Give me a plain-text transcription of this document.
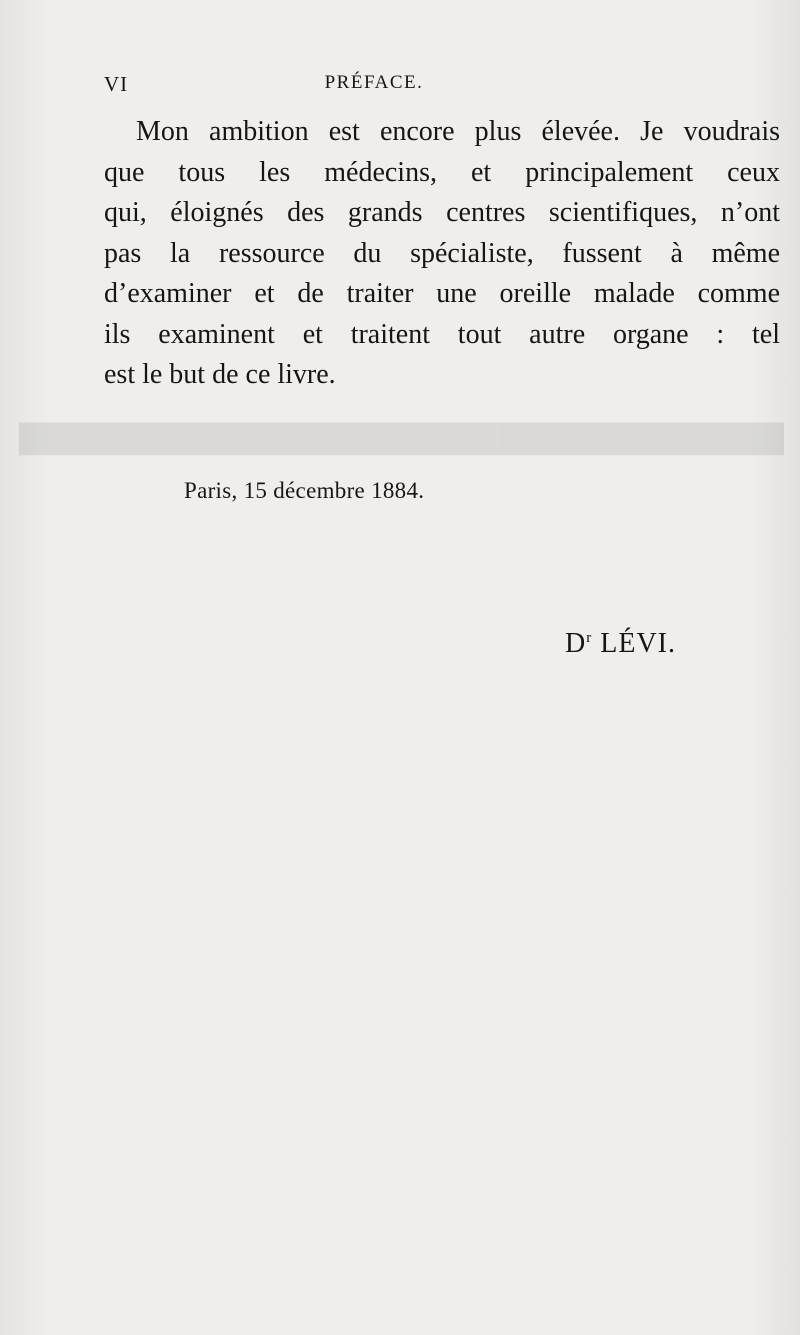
████████████████████████████████████████
VI	PRÉFACE.
Mon ambition est encore plus élevée. Je voudrais
que tous les médecins, et principalement ceux
qui, éloignés des grands centres scientifiques, n’ont
pas la ressource du spécialiste, fussent à même
d’examiner et de traiter une oreille malade comme
ils examinent et traitent tout autre organe : tel
est le but de ce livre.
Paris, 15 décembre 1884.
$D^r$ LÉVI.
